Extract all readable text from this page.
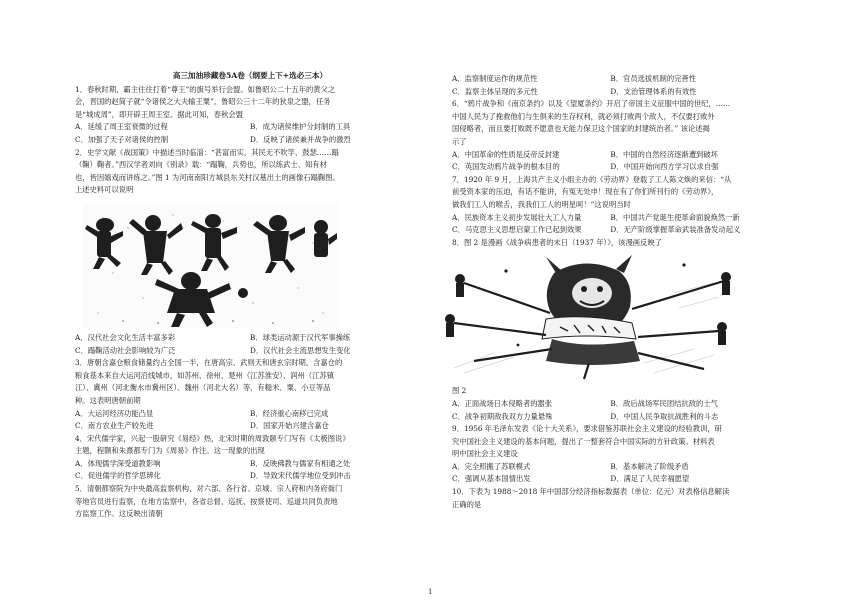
高三加油珍藏卷5A卷（纲要上下+选必三本）

1．春秋时期，霸主往往打着“尊王”的旗号举行会盟。如鲁昭公二十五年的黄父之

会，晋国的赵简子就“令诸侯之大夫输王粟”。鲁昭公三十二年的狄泉之盟，任务

是“城成周”，即开辟王周王室。据此可知，春秋会盟

A．延缓了周王室衰微的过程	B．成为诸侯维护分封制的工具
C．加强了天子对诸侯的控制	D．反映了诸侯兼并战争的激烈

2．史学文献《战国策》中描述当时临淄：“甚富而实，其民无不吹竽、鼓瑟……蹋

（鞠）鞠者。”西汉学者刘向《别录》载：“蹋鞠，兵势也，所以练武士、知有材

也，皆因嬉戏而讲练之。”图 1 为河南南阳方城县东关村汉墓出土的画像石蹋鞠图。

上述史料可以说明

A．汉代社会文化生活丰富多彩	B．球类运动源于汉代军事操练
C．蹋鞠活动社会影响较为广泛	D．汉代社会主流思想发生变化

3．唐朝含嘉仓粮食储量约占全国一半，在唐高宗、武则天和唐玄宗时期，含嘉仓的

粮食基本来自大运河沿线城市，如苏州、徐州、楚州（江苏淮安）、润州（江苏镇

江）、冀州（河北衡水市冀州区）、魏州（河北大名）等，有糙米、粟、小豆等品

种。这表明唐朝前期

A．大运河经济功能凸显	B．经济重心南移已完成
C．南方农业生产较先进	D．国家开始兴建含嘉仓

4．宋代儒学家，兴起一股研究《易经》热，北宋时期的周敦颐专门写有《太极图说》

主题，程颢和朱熹都专门为《周易》作注。这一现象的出现

A．体现儒学深受道教影响	B．反映佛教与儒家有相通之处
C．促进儒学的哲学思辨化	D．导致宋代儒学地位受到冲击

5．清朝都察院为中央最高监察机构，对六部、各行省、京城、宗人府和内务府衙门

等地官员进行监察，在地方监察中，各省总督、巡抚、按察使司、巡道共同负责地

方监察工作。这反映出清朝

A．监察制度运作的规范性	B．官员选拔机制的完善性
C．监察主体呈现的多元性	D．支治管理体系的有效性

6．“鸦片战争和《南京条约》以及《望厦条约》开启了帝国主义征服中国的世纪，……

中国人民为了挽救他们与生俱来的生存权利，就必须打败两个敌人，不仅要打败外

国侵略者，而且要打败既不愿意也无能力保卫这个国家的封建统治者。” 该论述揭

示了

A．中国革命的性质是反帝反封建	B．中国的自然经济逐渐遭到破坏
C．英国发动鸦片战争的根本目的	D．中国开始向西方学习以求自强

7．1920 年 9 月，上海共产主义小组主办的《劳动界》登载了工人陈文焕的来信：“从

前受资本家的压迫，有话不能讲，有冤无处申！现在有了你们所刊行的《劳动界》，

做我们工人的喉舌，我我们工人的明星呵！”这说明当时

A．民族资本主义初步发展壮大工人力量	B．中国共产党诞生使革命面貌焕然一新
C．马克思主义思想启蒙工作已起到效果	D．无产阶级掌握革命武装准备发动起义

8．图 2 是漫画《战争病患者的末日（1937 年）》，该漫画反映了

图 2

A．正面战场日本侵略者的嚣张	B．敌后战场军民团结抗敌的士气
C．战争初期敌我双方力量悬殊	D．中国人民争取抗战胜利的斗志

9．1956 年毛泽东发表《论十大关系》，要求借鉴苏联社会主义建设的经验教训，研

究中国社会主义建设的基本问题，提出了一整套符合中国实际的方针政策。材料表

明中国社会主义建设

A．完全照搬了苏联模式	B．基本解决了阶级矛盾
C．强调从基本国情出发	D．满足了人民幸福愿望

10．下表为 1988～2018 年中国部分经济指标数据表（单位：亿元）对表格信息解读

正确的是

1
